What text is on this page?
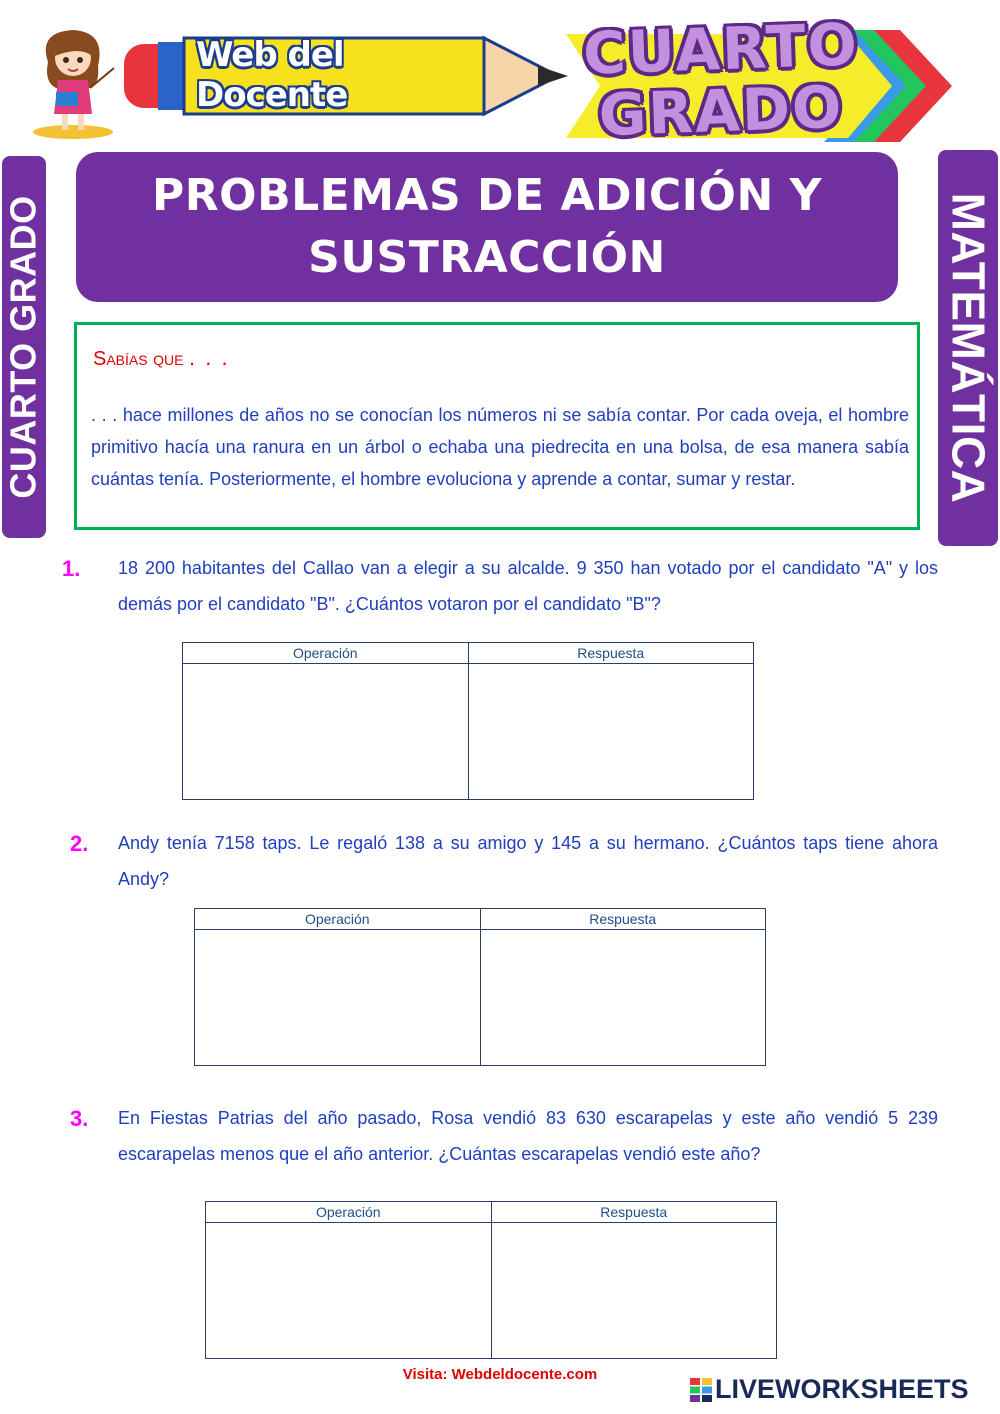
Web del Docente
CUARTO
GRADO
CUARTO GRADO	MATEMÁTICA
PROBLEMAS DE ADICIÓN Y SUSTRACCIÓN
Sabías que . . .

. . . hace millones de años no se conocían los números ni se sabía contar. Por cada oveja, el hombre primitivo hacía una ranura en un árbol o echaba una piedrecita en una bolsa, de esa manera sabía cuántas tenía. Posteriormente, el hombre evoluciona y aprende a contar, sumar y restar.

1. 18 200 habitantes del Callao van a elegir a su alcalde. 9 350 han votado por el candidato "A" y los demás por el candidato "B". ¿Cuántos votaron por el candidato "B"?

Operación	Respuesta

2. Andy tenía 7158 taps. Le regaló 138 a su amigo y 145 a su hermano. ¿Cuántos taps tiene ahora Andy?

Operación	Respuesta

3. En Fiestas Patrias del año pasado, Rosa vendió 83 630 escarapelas y este año vendió 5 239 escarapelas menos que el año anterior. ¿Cuántas escarapelas vendió este año?

Operación	Respuesta

Visita: Webdeldocente.com	LIVEWORKSHEETS
